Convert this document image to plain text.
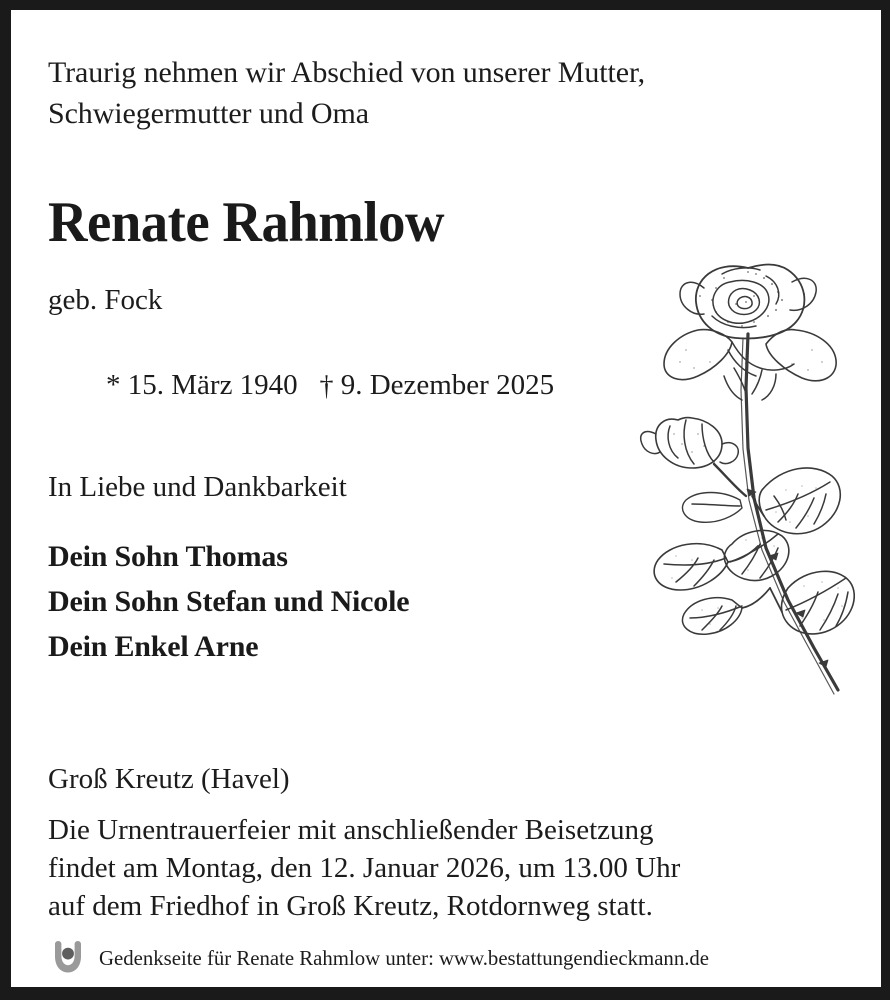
Traurig nehmen wir Abschied von unserer Mutter,
Schwiegermutter und Oma
Renate Rahmlow
geb. Fock

* 15. März 1940 † 9. Dezember 2025

In Liebe und Dankbarkeit
Dein Sohn Thomas
Dein Sohn Stefan und Nicole
Dein Enkel Arne
Groß Kreutz (Havel)
Die Urnentrauerfeier mit anschließender Beisetzung
findet am Montag, den 12. Januar 2026, um 13.00 Uhr
auf dem Friedhof in Groß Kreutz, Rotdornweg statt.
Gedenkseite für Renate Rahmlow unter: www.bestattungendieckmann.de
